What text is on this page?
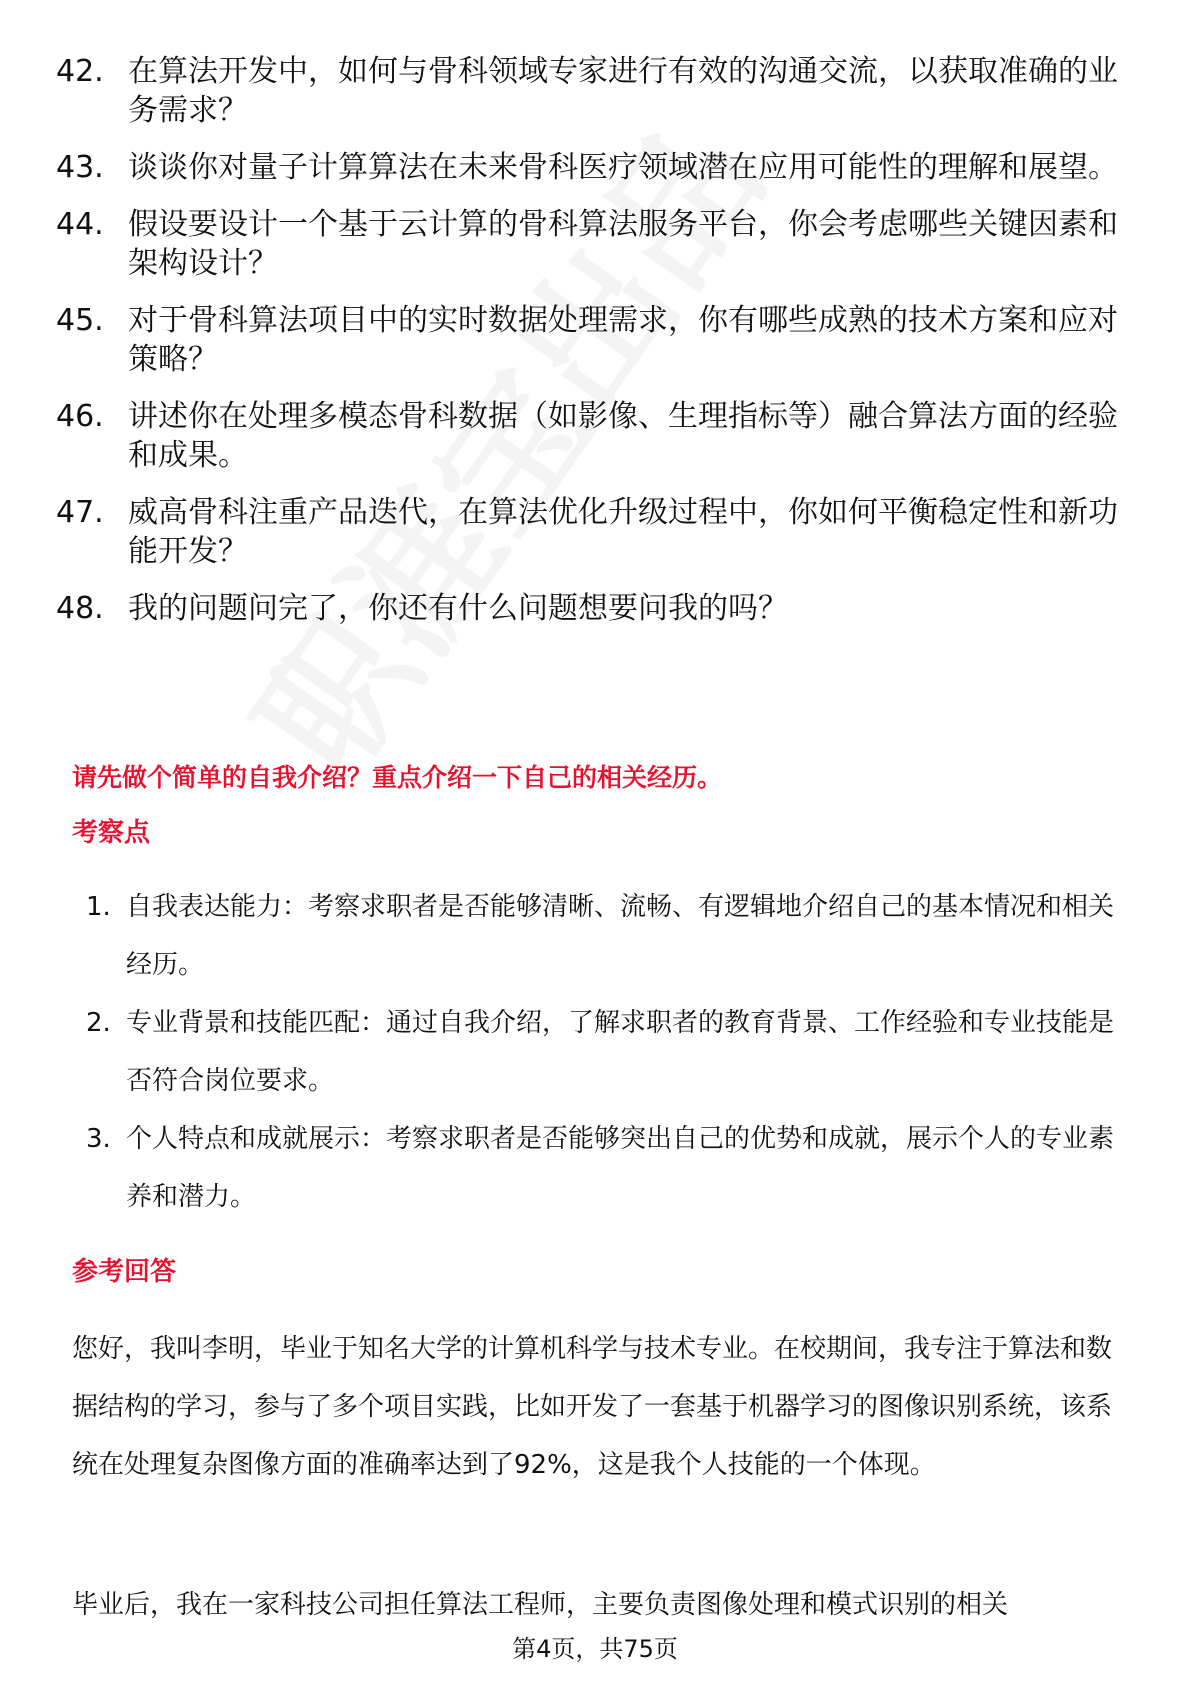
42. 在算法开发中，如何与骨科领域专家进行有效的沟通交流，以获取准确的业务需求？
43. 谈谈你对量子计算算法在未来骨科医疗领域潜在应用可能性的理解和展望。
44. 假设要设计一个基于云计算的骨科算法服务平台，你会考虑哪些关键因素和架构设计？
45. 对于骨科算法项目中的实时数据处理需求，你有哪些成熟的技术方案和应对策略？
46. 讲述你在处理多模态骨科数据（如影像、生理指标等）融合算法方面的经验和成果。
47. 威高骨科注重产品迭代，在算法优化升级过程中，你如何平衡稳定性和新功能开发？
48. 我的问题问完了，你还有什么问题想要问我的吗？
请先做个简单的自我介绍？重点介绍一下自己的相关经历。
考察点
1. 自我表达能力：考察求职者是否能够清晰、流畅、有逻辑地介绍自己的基本情况和相关经历。
2. 专业背景和技能匹配：通过自我介绍，了解求职者的教育背景、工作经验和专业技能是否符合岗位要求。
3. 个人特点和成就展示：考察求职者是否能够突出自己的优势和成就，展示个人的专业素养和潜力。
参考回答
您好，我叫李明，毕业于知名大学的计算机科学与技术专业。在校期间，我专注于算法和数据结构的学习，参与了多个项目实践，比如开发了一套基于机器学习的图像识别系统，该系统在处理复杂图像方面的准确率达到了92%，这是我个人技能的一个体现。
毕业后，我在一家科技公司担任算法工程师，主要负责图像处理和模式识别的相关
第4页，共75页
